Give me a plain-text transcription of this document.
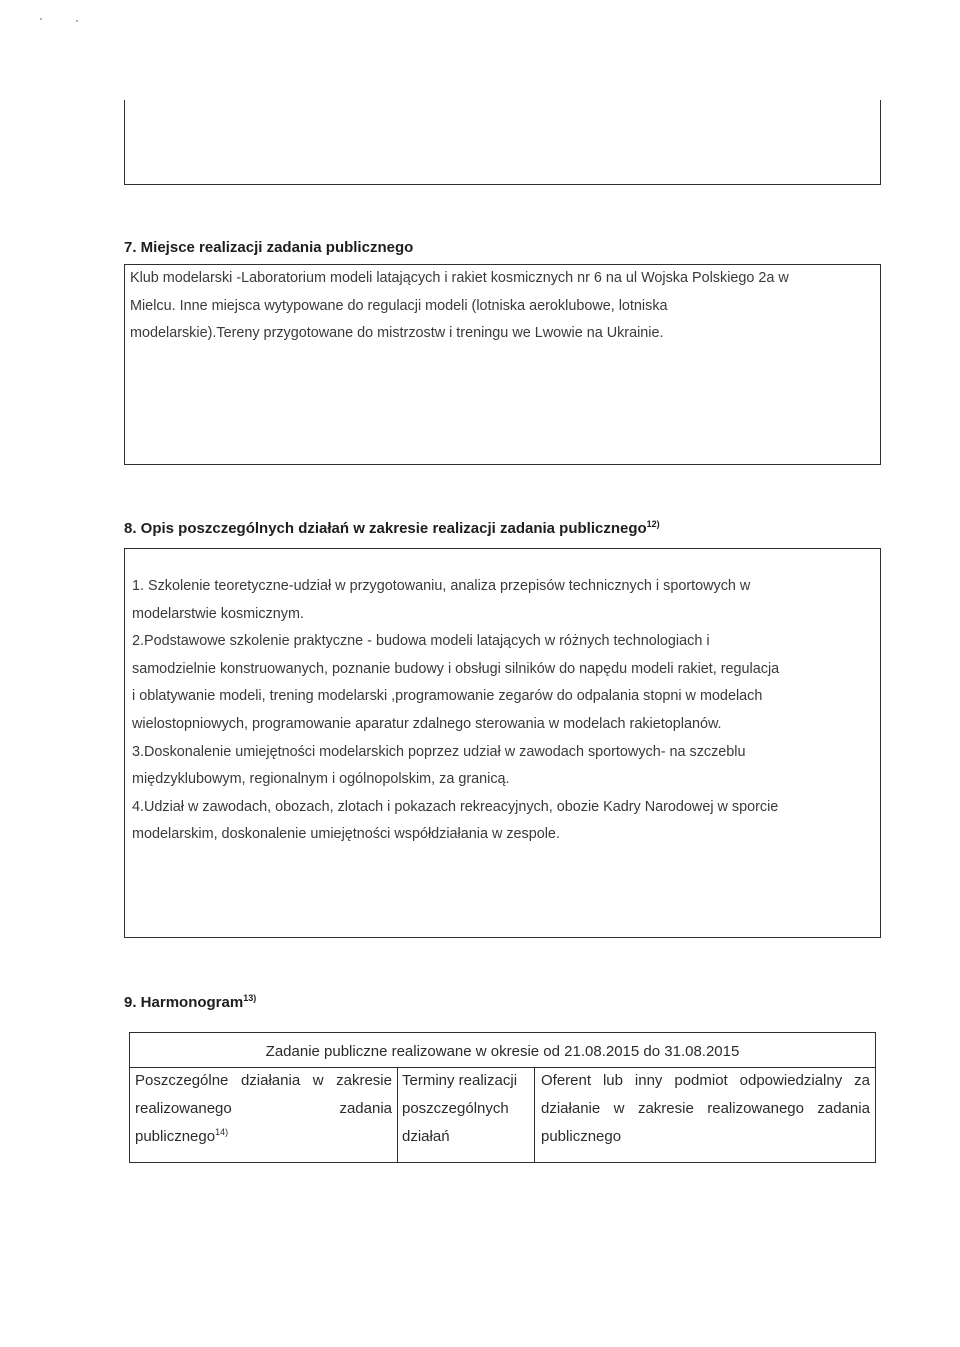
7. Miejsce realizacji zadania publicznego
Klub modelarski -Laboratorium modeli latających i rakiet kosmicznych nr 6 na ul Wojska Polskiego 2a w
Mielcu. Inne miejsca wytypowane do regulacji modeli (lotniska aeroklubowe, lotniska
modelarskie).Tereny przygotowane do mistrzostw i treningu we Lwowie na Ukrainie.
8. Opis poszczególnych działań w zakresie realizacji zadania publicznego$^{12)}$
1. Szkolenie teoretyczne-udział w przygotowaniu, analiza przepisów technicznych i sportowych w
modelarstwie kosmicznym.
2.Podstawowe szkolenie praktyczne - budowa modeli latających w różnych technologiach i
samodzielnie konstruowanych, poznanie budowy i obsługi silników do napędu modeli rakiet, regulacja
i oblatywanie modeli, trening modelarski ,programowanie zegarów do odpalania stopni w modelach
wielostopniowych, programowanie aparatur zdalnego sterowania w modelach rakietoplanów.
3.Doskonalenie umiejętności modelarskich poprzez udział w zawodach sportowych- na szczeblu
międzyklubowym, regionalnym i ogólnopolskim, za granicą.
4.Udział w zawodach, obozach, zlotach i pokazach rekreacyjnych, obozie Kadry Narodowej w sporcie
modelarskim, doskonalenie umiejętności współdziałania w zespole.
9. Harmonogram$^{13)}$
Zadanie publiczne realizowane w okresie od 21.08.2015 do 31.08.2015
Poszczególne działania w zakresie
realizowanego	zadania
publicznego$^{14)}$
Terminy realizacji
poszczególnych
działań
Oferent lub inny podmiot odpowiedzialny za
działanie w zakresie realizowanego zadania
publicznego
